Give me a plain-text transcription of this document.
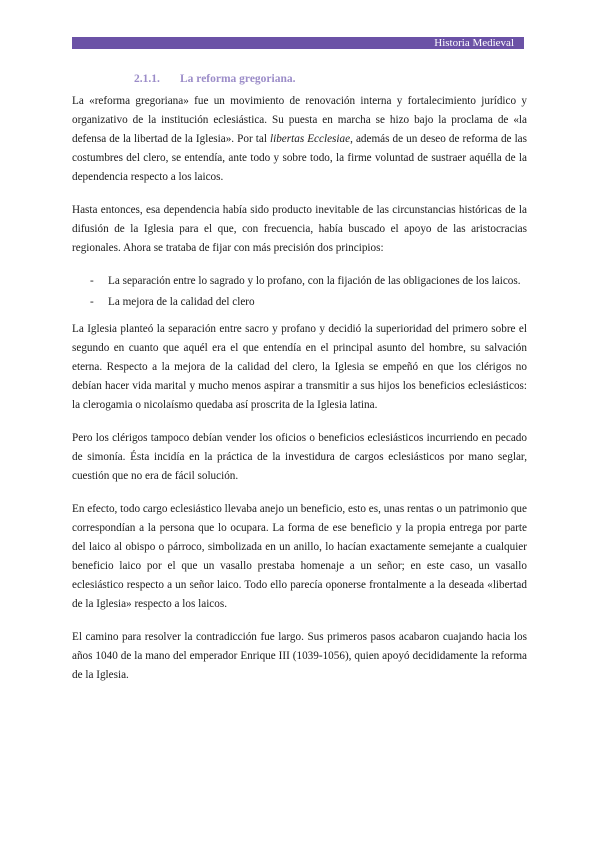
Historia Medieval
2.1.1. La reforma gregoriana.

La «reforma gregoriana» fue un movimiento de renovación interna y fortalecimiento jurídico y organizativo de la institución eclesiástica. Su puesta en marcha se hizo bajo la proclama de «la defensa de la libertad de la Iglesia». Por tal libertas Ecclesiae, además de un deseo de reforma de las costumbres del clero, se entendía, ante todo y sobre todo, la firme voluntad de sustraer aquélla de la dependencia respecto a los laicos.

Hasta entonces, esa dependencia había sido producto inevitable de las circunstancias históricas de la difusión de la Iglesia para el que, con frecuencia, había buscado el apoyo de las aristocracias regionales. Ahora se trataba de fijar con más precisión dos principios:

- La separación entre lo sagrado y lo profano, con la fijación de las obligaciones de los laicos.
- La mejora de la calidad del clero

La Iglesia planteó la separación entre sacro y profano y decidió la superioridad del primero sobre el segundo en cuanto que aquél era el que entendía en el principal asunto del hombre, su salvación eterna. Respecto a la mejora de la calidad del clero, la Iglesia se empeñó en que los clérigos no debían hacer vida marital y mucho menos aspirar a transmitir a sus hijos los beneficios eclesiásticos: la clerogamia o nicolaísmo quedaba así proscrita de la Iglesia latina.

Pero los clérigos tampoco debían vender los oficios o beneficios eclesiásticos incurriendo en pecado de simonía. Ésta incidía en la práctica de la investidura de cargos eclesiásticos por mano seglar, cuestión que no era de fácil solución.

En efecto, todo cargo eclesiástico llevaba anejo un beneficio, esto es, unas rentas o un patrimonio que correspondían a la persona que lo ocupara. La forma de ese beneficio y la propia entrega por parte del laico al obispo o párroco, simbolizada en un anillo, lo hacían exactamente semejante a cualquier beneficio laico por el que un vasallo prestaba homenaje a un señor; en este caso, un vasallo eclesiástico respecto a un señor laico. Todo ello parecía oponerse frontalmente a la deseada «libertad de la Iglesia» respecto a los laicos.

El camino para resolver la contradicción fue largo. Sus primeros pasos acabaron cuajando hacia los años 1040 de la mano del emperador Enrique III (1039-1056), quien apoyó decididamente la reforma de la Iglesia.
